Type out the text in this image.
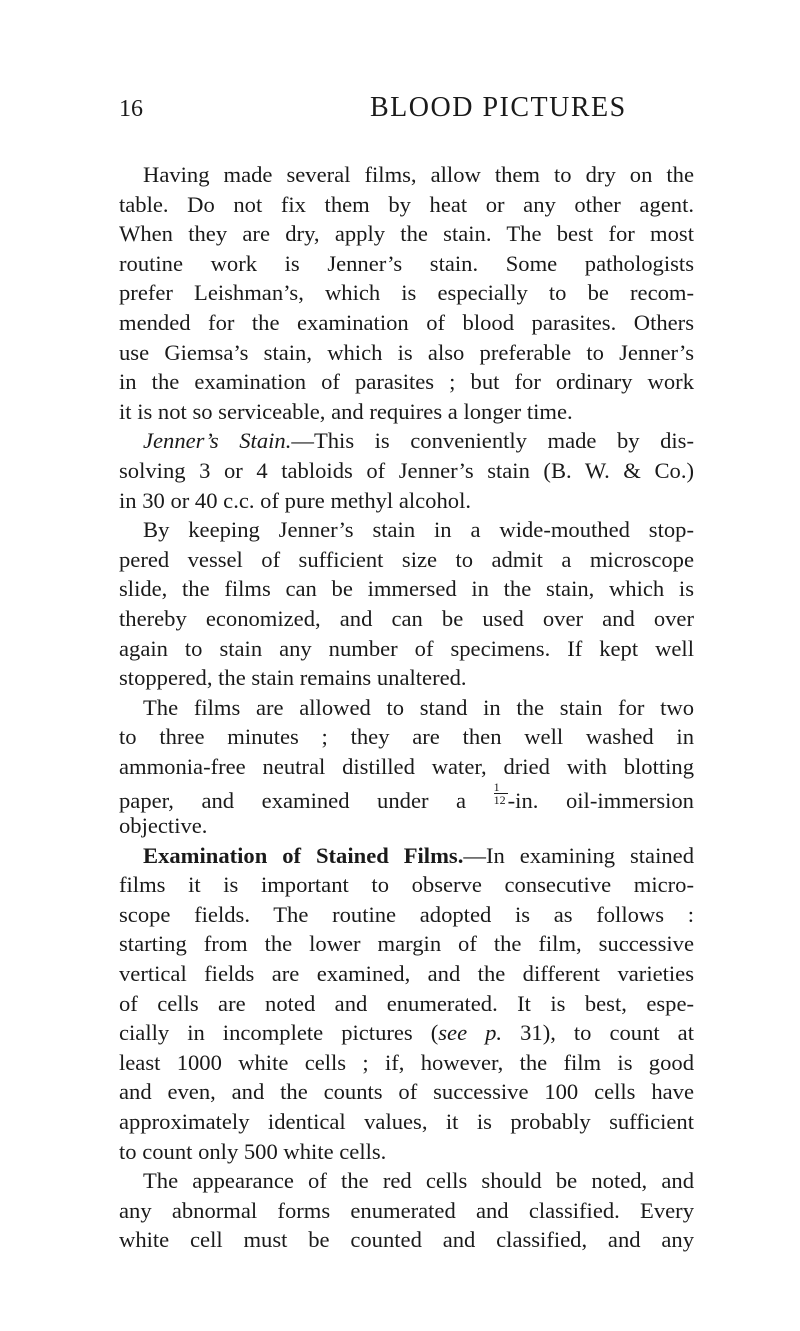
16	BLOOD PICTURES
Having made several films, allow them to dry on the
table. Do not fix them by heat or any other agent.
When they are dry, apply the stain. The best for most
routine work is Jenner’s stain. Some pathologists
prefer Leishman’s, which is especially to be recom-
mended for the examination of blood parasites. Others
use Giemsa’s stain, which is also preferable to Jenner’s
in the examination of parasites ; but for ordinary work
it is not so serviceable, and requires a longer time.
Jenner’s Stain.—This is conveniently made by dis-
solving 3 or 4 tabloids of Jenner’s stain (B. W. & Co.)
in 30 or 40 c.c. of pure methyl alcohol.
By keeping Jenner’s stain in a wide-mouthed stop-
pered vessel of sufficient size to admit a microscope
slide, the films can be immersed in the stain, which is
thereby economized, and can be used over and over
again to stain any number of specimens. If kept well
stoppered, the stain remains unaltered.
The films are allowed to stand in the stain for two
to three minutes ; they are then well washed in
ammonia-free neutral distilled water, dried with blotting
paper, and examined under a $\frac{1}{12} -in$. oil-immersion
objective.
Examination of Stained Films.—In examining stained
films it is important to observe consecutive micro-
scope fields. The routine adopted is as follows :
starting from the lower margin of the film, successive
vertical fields are examined, and the different varieties
of cells are noted and enumerated. It is best, espe-
cially in incomplete pictures (see p. 31), to count at
least 1000 white cells ; if, however, the film is good
and even, and the counts of successive 100 cells have
approximately identical values, it is probably sufficient
to count only 500 white cells.
The appearance of the red cells should be noted, and
any abnormal forms enumerated and classified. Every
white cell must be counted and classified, and any
